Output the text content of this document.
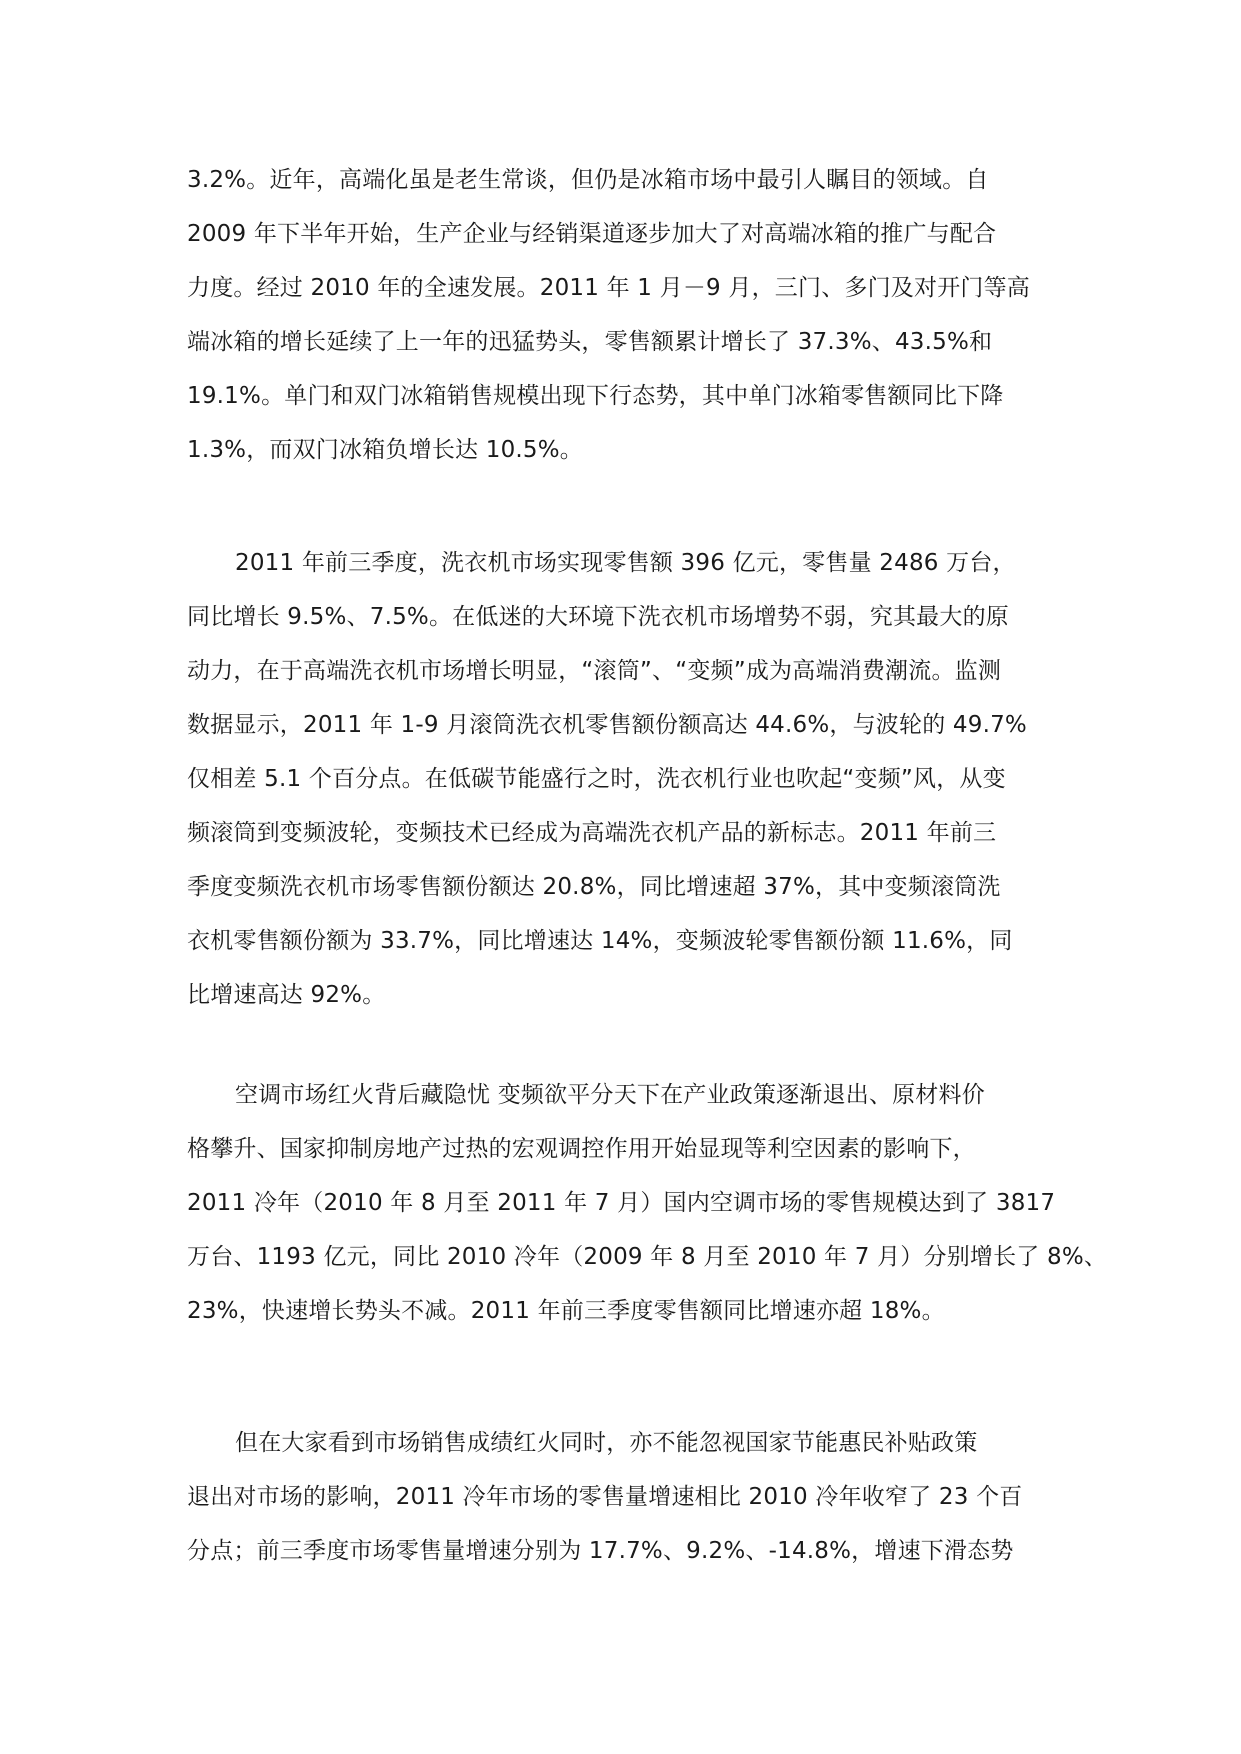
3.2%。近年，高端化虽是老生常谈，但仍是冰箱市场中最引人瞩目的领域。自
2009 年下半年开始，生产企业与经销渠道逐步加大了对高端冰箱的推广与配合
力度。经过 2010 年的全速发展。2011 年 1 月－9 月，三门、多门及对开门等高
端冰箱的增长延续了上一年的迅猛势头，零售额累计增长了 37.3%、43.5%和
19.1%。单门和双门冰箱销售规模出现下行态势，其中单门冰箱零售额同比下降
1.3%，而双门冰箱负增长达 10.5%。
2011 年前三季度，洗衣机市场实现零售额 396 亿元，零售量 2486 万台，
同比增长 9.5%、7.5%。在低迷的大环境下洗衣机市场增势不弱，究其最大的原
动力，在于高端洗衣机市场增长明显，“滚筒”、“变频”成为高端消费潮流。监测
数据显示，2011 年 1-9 月滚筒洗衣机零售额份额高达 44.6%，与波轮的 49.7%
仅相差 5.1 个百分点。在低碳节能盛行之时，洗衣机行业也吹起“变频”风，从变
频滚筒到变频波轮，变频技术已经成为高端洗衣机产品的新标志。2011 年前三
季度变频洗衣机市场零售额份额达 20.8%，同比增速超 37%，其中变频滚筒洗
衣机零售额份额为 33.7%，同比增速达 14%，变频波轮零售额份额 11.6%，同
比增速高达 92%。
空调市场红火背后藏隐忧 变频欲平分天下在产业政策逐渐退出、原材料价
格攀升、国家抑制房地产过热的宏观调控作用开始显现等利空因素的影响下，
2011 冷年（2010 年 8 月至 2011 年 7 月）国内空调市场的零售规模达到了 3817
万台、1193 亿元，同比 2010 冷年（2009 年 8 月至 2010 年 7 月）分别增长了 8%、
23%，快速增长势头不减。2011 年前三季度零售额同比增速亦超 18%。
但在大家看到市场销售成绩红火同时，亦不能忽视国家节能惠民补贴政策
退出对市场的影响，2011 冷年市场的零售量增速相比 2010 冷年收窄了 23 个百
分点；前三季度市场零售量增速分别为 17.7%、9.2%、-14.8%，增速下滑态势
